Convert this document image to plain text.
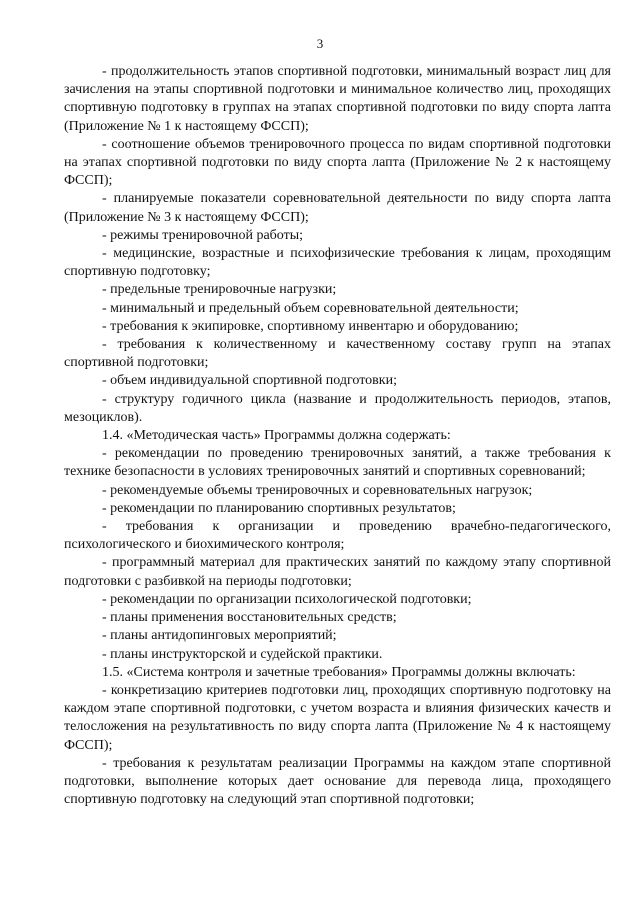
3

- продолжительность этапов спортивной подготовки, минимальный возраст лиц для зачисления на этапы спортивной подготовки и минимальное количество лиц, проходящих спортивную подготовку в группах на этапах спортивной подготовки по виду спорта лапта (Приложение № 1 к настоящему ФССП);

- соотношение объемов тренировочного процесса по видам спортивной подготовки на этапах спортивной подготовки по виду спорта лапта (Приложение № 2 к настоящему ФССП);

- планируемые показатели соревновательной деятельности по виду спорта лапта (Приложение № 3 к настоящему ФССП);

- режимы тренировочной работы;

- медицинские, возрастные и психофизические требования к лицам, проходящим спортивную подготовку;

- предельные тренировочные нагрузки;

- минимальный и предельный объем соревновательной деятельности;

- требования к экипировке, спортивному инвентарю и оборудованию;

- требования к количественному и качественному составу групп на этапах спортивной подготовки;

- объем индивидуальной спортивной подготовки;

- структуру годичного цикла (название и продолжительность периодов, этапов, мезоциклов).

1.4. «Методическая часть» Программы должна содержать:

- рекомендации по проведению тренировочных занятий, а также требования к технике безопасности в условиях тренировочных занятий и спортивных соревнований;

- рекомендуемые объемы тренировочных и соревновательных нагрузок;

- рекомендации по планированию спортивных результатов;

- требования к организации и проведению врачебно-педагогического, психологического и биохимического контроля;

- программный материал для практических занятий по каждому этапу спортивной подготовки с разбивкой на периоды подготовки;

- рекомендации по организации психологической подготовки;

- планы применения восстановительных средств;

- планы антидопинговых мероприятий;

- планы инструкторской и судейской практики.

1.5. «Система контроля и зачетные требования» Программы должны включать:

- конкретизацию критериев подготовки лиц, проходящих спортивную подготовку на каждом этапе спортивной подготовки, с учетом возраста и влияния физических качеств и телосложения на результативность по виду спорта лапта (Приложение № 4 к настоящему ФССП);

- требования к результатам реализации Программы на каждом этапе спортивной подготовки, выполнение которых дает основание для перевода лица, проходящего спортивную подготовку на следующий этап спортивной подготовки;
